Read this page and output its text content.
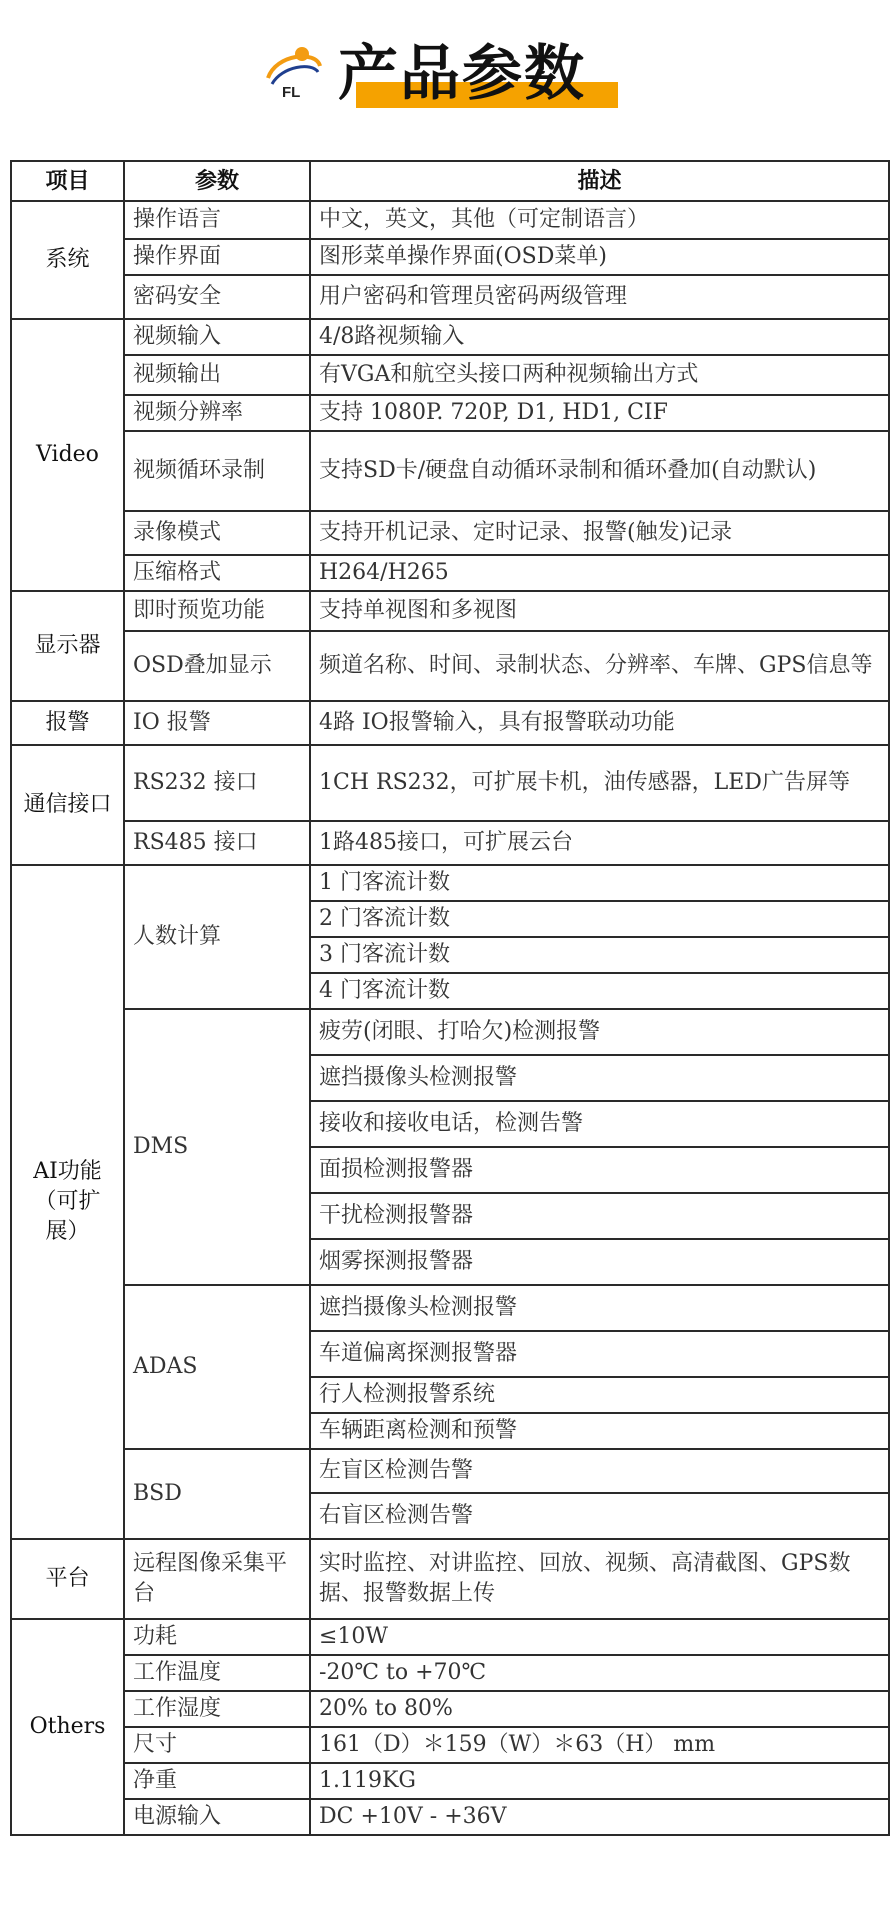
FL 产品参数
项目	参数	描述
系统	操作语言	中文，英文，其他（可定制语言）
	操作界面	图形菜单操作界面(OSD菜单)
	密码安全	用户密码和管理员密码两级管理
Video	视频输入	4/8路视频输入
	视频输出	有VGA和航空头接口两种视频输出方式
	视频分辨率	支持 1080P. 720P, D1, HD1, CIF
	视频循环录制	支持SD卡/硬盘自动循环录制和循环叠加(自动默认)
	录像模式	支持开机记录、定时记录、报警(触发)记录
	压缩格式	H264/H265
显示器	即时预览功能	支持单视图和多视图
	OSD叠加显示	频道名称、时间、录制状态、分辨率、车牌、GPS信息等
报警	IO 报警	4路 IO报警输入，具有报警联动功能
通信接口	RS232 接口	1CH RS232，可扩展卡机，油传感器，LED广告屏等
	RS485 接口	1路485接口，可扩展云台
AI功能（可扩展）	人数计算	1 门客流计数
		2 门客流计数
		3 门客流计数
		4 门客流计数
	DMS	疲劳(闭眼、打哈欠)检测报警
		遮挡摄像头检测报警
		接收和接收电话，检测告警
		面损检测报警器
		干扰检测报警器
		烟雾探测报警器
	ADAS	遮挡摄像头检测报警
		车道偏离探测报警器
		行人检测报警系统
		车辆距离检测和预警
	BSD	左盲区检测告警
		右盲区检测告警
平台	远程图像采集平台	实时监控、对讲监控、回放、视频、高清截图、GPS数据、报警数据上传
Others	功耗	≤10W
	工作温度	-20℃ to +70℃
	工作湿度	20% to 80%
	尺寸	161（D）＊159（W）＊63（H） mm
	净重	1.119KG
	电源输入	DC +10V - +36V
